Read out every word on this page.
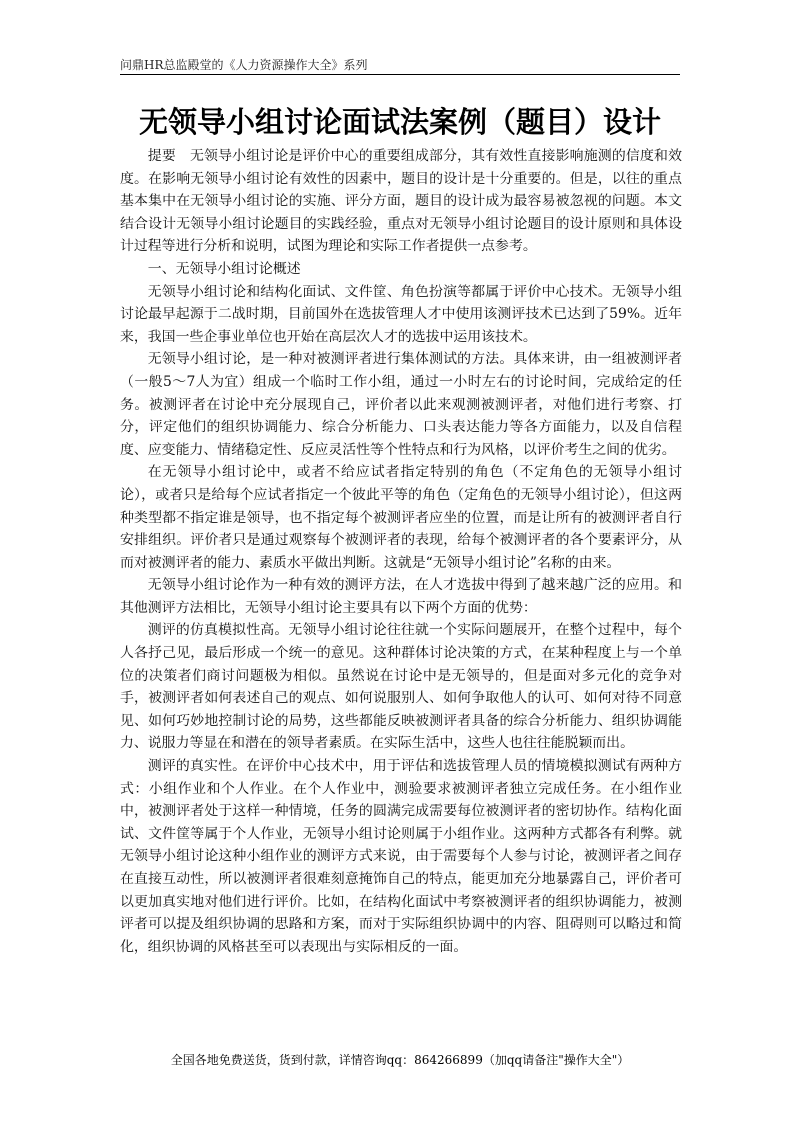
问鼎HR总监殿堂的《人力资源操作大全》系列
无领导小组讨论面试法案例（题目）设计

提要　无领导小组讨论是评价中心的重要组成部分，其有效性直接影响施测的信度和效度。在影响无领导小组讨论有效性的因素中，题目的设计是十分重要的。但是，以往的重点基本集中在无领导小组讨论的实施、评分方面，题目的设计成为最容易被忽视的问题。本文结合设计无领导小组讨论题目的实践经验，重点对无领导小组讨论题目的设计原则和具体设计过程等进行分析和说明，试图为理论和实际工作者提供一点参考。

一、无领导小组讨论概述

无领导小组讨论和结构化面试、文件筐、角色扮演等都属于评价中心技术。无领导小组讨论最早起源于二战时期，目前国外在选拔管理人才中使用该测评技术已达到了59%。近年来，我国一些企事业单位也开始在高层次人才的选拔中运用该技术。

无领导小组讨论，是一种对被测评者进行集体测试的方法。具体来讲，由一组被测评者（一般5～7人为宜）组成一个临时工作小组，通过一小时左右的讨论时间，完成给定的任务。被测评者在讨论中充分展现自己，评价者以此来观测被测评者，对他们进行考察、打分，评定他们的组织协调能力、综合分析能力、口头表达能力等各方面能力，以及自信程度、应变能力、情绪稳定性、反应灵活性等个性特点和行为风格，以评价考生之间的优劣。

在无领导小组讨论中，或者不给应试者指定特别的角色（不定角色的无领导小组讨论），或者只是给每个应试者指定一个彼此平等的角色（定角色的无领导小组讨论），但这两种类型都不指定谁是领导，也不指定每个被测评者应坐的位置，而是让所有的被测评者自行安排组织。评价者只是通过观察每个被测评者的表现，给每个被测评者的各个要素评分，从而对被测评者的能力、素质水平做出判断。这就是“无领导小组讨论”名称的由来。

无领导小组讨论作为一种有效的测评方法，在人才选拔中得到了越来越广泛的应用。和其他测评方法相比，无领导小组讨论主要具有以下两个方面的优势：

测评的仿真模拟性高。无领导小组讨论往往就一个实际问题展开，在整个过程中，每个人各抒己见，最后形成一个统一的意见。这种群体讨论决策的方式，在某种程度上与一个单位的决策者们商讨问题极为相似。虽然说在讨论中是无领导的，但是面对多元化的竞争对手，被测评者如何表述自己的观点、如何说服别人、如何争取他人的认可、如何对待不同意见、如何巧妙地控制讨论的局势，这些都能反映被测评者具备的综合分析能力、组织协调能力、说服力等显在和潜在的领导者素质。在实际生活中，这些人也往往能脱颖而出。

测评的真实性。在评价中心技术中，用于评估和选拔管理人员的情境模拟测试有两种方式：小组作业和个人作业。在个人作业中，测验要求被测评者独立完成任务。在小组作业中，被测评者处于这样一种情境，任务的圆满完成需要每位被测评者的密切协作。结构化面试、文件筐等属于个人作业，无领导小组讨论则属于小组作业。这两种方式都各有利弊。就无领导小组讨论这种小组作业的测评方式来说，由于需要每个人参与讨论，被测评者之间存在直接互动性，所以被测评者很难刻意掩饰自己的特点，能更加充分地暴露自己，评价者可以更加真实地对他们进行评价。比如，在结构化面试中考察被测评者的组织协调能力，被测评者可以提及组织协调的思路和方案，而对于实际组织协调中的内容、阻碍则可以略过和简化，组织协调的风格甚至可以表现出与实际相反的一面。

全国各地免费送货，货到付款，详情咨询qq：864266899（加qq请备注"操作大全"）
